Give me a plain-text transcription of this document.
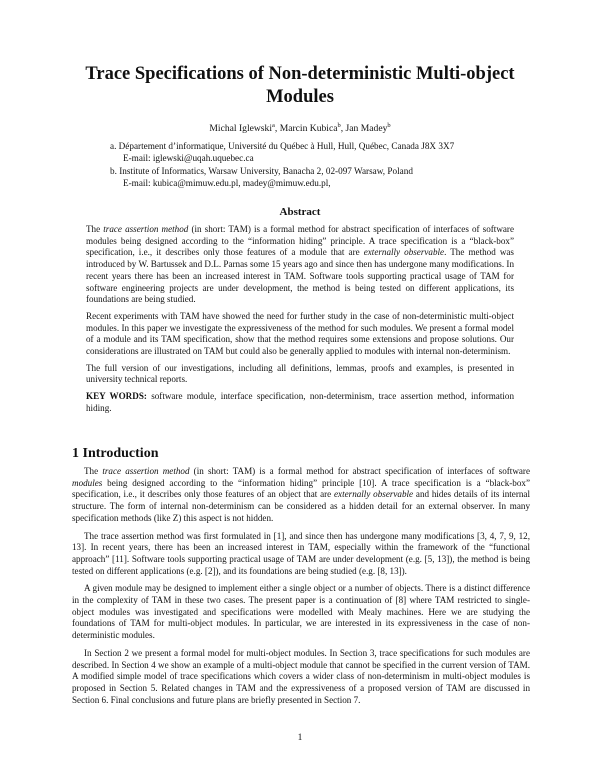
Trace Specifications of Non-deterministic Multi-object
Modules
Michal Iglewski$^a$, Marcin Kubica$^b$, Jan Madey$^b$
a. Département d’informatique, Université du Québec à Hull, Hull, Québec, Canada J8X 3X7
E-mail: iglewski@uqah.uquebec.ca
b. Institute of Informatics, Warsaw University, Banacha 2, 02-097 Warsaw, Poland
E-mail: kubica@mimuw.edu.pl, madey@mimuw.edu.pl,
Abstract

The trace assertion method (in short: TAM) is a formal method for abstract specification of interfaces of software modules being designed according to the “information hiding” principle. A trace specification is a “black-box” specification, i.e., it describes only those features of a module that are externally observable. The method was introduced by W. Bartussek and D.L. Parnas some 15 years ago and since then has undergone many modifications. In recent years there has been an increased interest in TAM. Software tools supporting practical usage of TAM for software engineering projects are under development, the method is being tested on different applications, its foundations are being studied.

Recent experiments with TAM have showed the need for further study in the case of non-deterministic multi-object modules. In this paper we investigate the expressiveness of the method for such modules. We present a formal model of a module and its TAM specification, show that the method requires some extensions and propose solutions. Our considerations are illustrated on TAM but could also be generally applied to modules with internal non-determinism.

The full version of our investigations, including all definitions, lemmas, proofs and examples, is presented in university technical reports.

KEY WORDS: software module, interface specification, non-determinism, trace assertion method, information hiding.

1 Introduction

The trace assertion method (in short: TAM) is a formal method for abstract specification of interfaces of software modules being designed according to the “information hiding” principle [10]. A trace specification is a “black-box” specification, i.e., it describes only those features of an object that are externally observable and hides details of its internal structure. The form of internal non-determinism can be considered as a hidden detail for an external observer. In many specification methods (like Z) this aspect is not hidden.

The trace assertion method was first formulated in [1], and since then has undergone many modifications [3, 4, 7, 9, 12, 13]. In recent years, there has been an increased interest in TAM, especially within the framework of the “functional approach” [11]. Software tools supporting practical usage of TAM are under development (e.g. [5, 13]), the method is being tested on different applications (e.g. [2]), and its foundations are being studied (e.g. [8, 13]).

A given module may be designed to implement either a single object or a number of objects. There is a distinct difference in the complexity of TAM in these two cases. The present paper is a continuation of [8] where TAM restricted to single-object modules was investigated and specifications were modelled with Mealy machines. Here we are studying the foundations of TAM for multi-object modules. In particular, we are interested in its expressiveness in the case of non-deterministic modules.

In Section 2 we present a formal model for multi-object modules. In Section 3, trace specifications for such modules are described. In Section 4 we show an example of a multi-object module that cannot be specified in the current version of TAM. A modified simple model of trace specifications which covers a wider class of non-determinism in multi-object modules is proposed in Section 5. Related changes in TAM and the expressiveness of a proposed version of TAM are discussed in Section 6. Final conclusions and future plans are briefly presented in Section 7.

1
